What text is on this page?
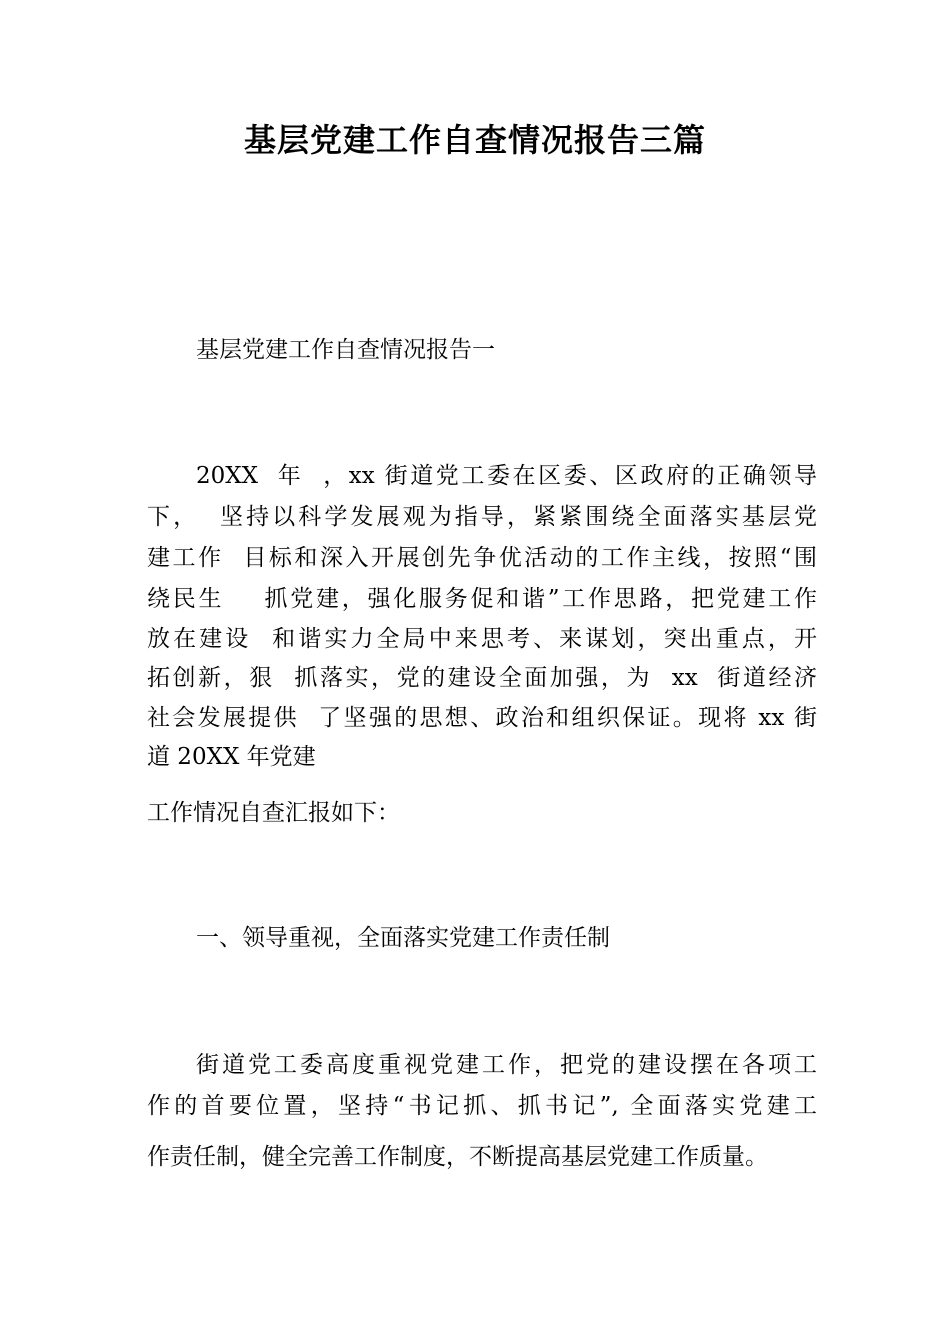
基层党建工作自查情况报告三篇

基层党建工作自查情况报告一

20XX  年  ，xx 街道党工委在区委、区政府的正确领导

下，  坚持以科学发展观为指导，紧紧围绕全面落实基层党

建工作  目标和深入开展创先争优活动的工作主线，按照“围

绕民生    抓党建，强化服务促和谐”工作思路，把党建工作

放在建设  和谐实力全局中来思考、来谋划，突出重点，开

拓创新，狠  抓落实，党的建设全面加强，为  xx  街道经济

社会发展提供  了坚强的思想、政治和组织保证。现将 xx 街

道 20XX 年党建

工作情况自查汇报如下：

一、领导重视，全面落实党建工作责任制

街道党工委高度重视党建工作，把党的建设摆在各项工

作的首要位置，坚持“书记抓、抓书记”, 全面落实党建工

作责任制，健全完善工作制度，不断提高基层党建工作质量。
